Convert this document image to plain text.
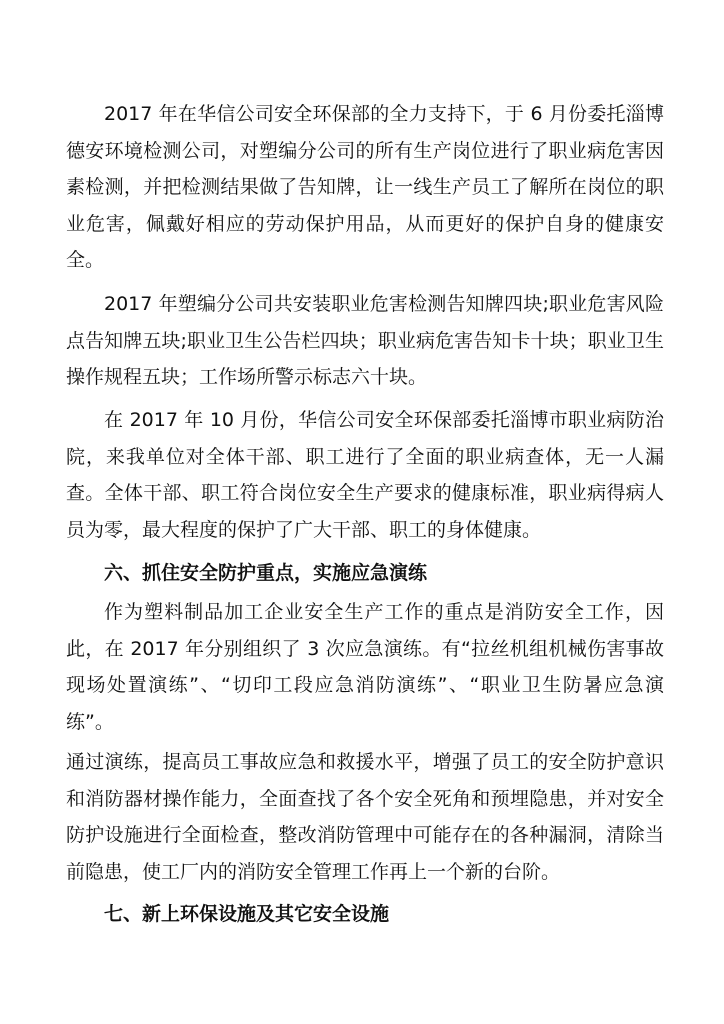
2017 年在华信公司安全环保部的全力支持下，于 6 月份委托淄博德安环境检测公司，对塑编分公司的所有生产岗位进行了职业病危害因素检测，并把检测结果做了告知牌，让一线生产员工了解所在岗位的职业危害，佩戴好相应的劳动保护用品，从而更好的保护自身的健康安全。

2017 年塑编分公司共安装职业危害检测告知牌四块;职业危害风险点告知牌五块;职业卫生公告栏四块；职业病危害告知卡十块；职业卫生操作规程五块；工作场所警示标志六十块。

在 2017 年 10 月份，华信公司安全环保部委托淄博市职业病防治院，来我单位对全体干部、职工进行了全面的职业病查体，无一人漏查。全体干部、职工符合岗位安全生产要求的健康标准，职业病得病人员为零，最大程度的保护了广大干部、职工的身体健康。

六、抓住安全防护重点，实施应急演练

作为塑料制品加工企业安全生产工作的重点是消防安全工作，因此，在 2017 年分别组织了 3 次应急演练。有“拉丝机组机械伤害事故现场处置演练”、“切印工段应急消防演练”、“职业卫生防暑应急演练”。

通过演练，提高员工事故应急和救援水平，增强了员工的安全防护意识和消防器材操作能力，全面查找了各个安全死角和预埋隐患，并对安全防护设施进行全面检查，整改消防管理中可能存在的各种漏洞，清除当前隐患，使工厂内的消防安全管理工作再上一个新的台阶。

七、新上环保设施及其它安全设施
